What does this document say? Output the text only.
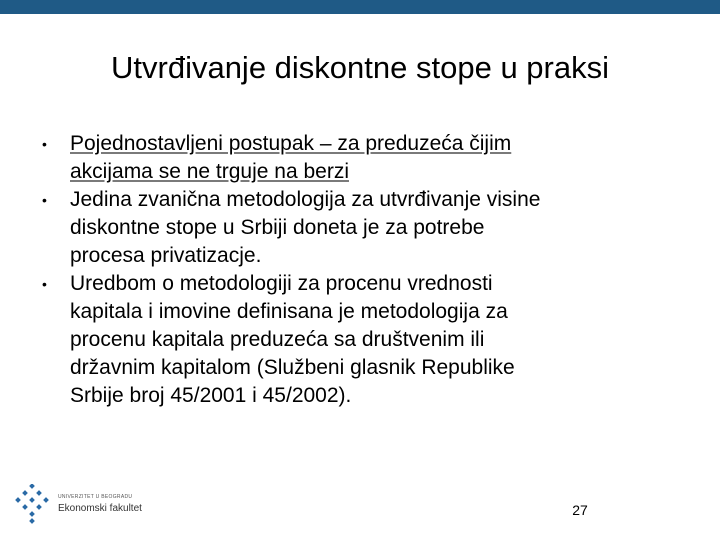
Utvrđivanje diskontne stope u praksi
• Pojednostavljeni postupak – za preduzeća čijim
akcijama se ne trguje na berzi
• Jedina zvanična metodologija za utvrđivanje visine
diskontne stope u Srbiji doneta je za potrebe
procesa privatizacje.
• Uredbom o metodologiji za procenu vrednosti
kapitala i imovine definisana je metodologija za
procenu kapitala preduzeća sa društvenim ili
državnim kapitalom (Službeni glasnik Republike
Srbije broj 45/2001 i 45/2002).
UNIVERZITET U BEOGRADU
Ekonomski fakultet	27
